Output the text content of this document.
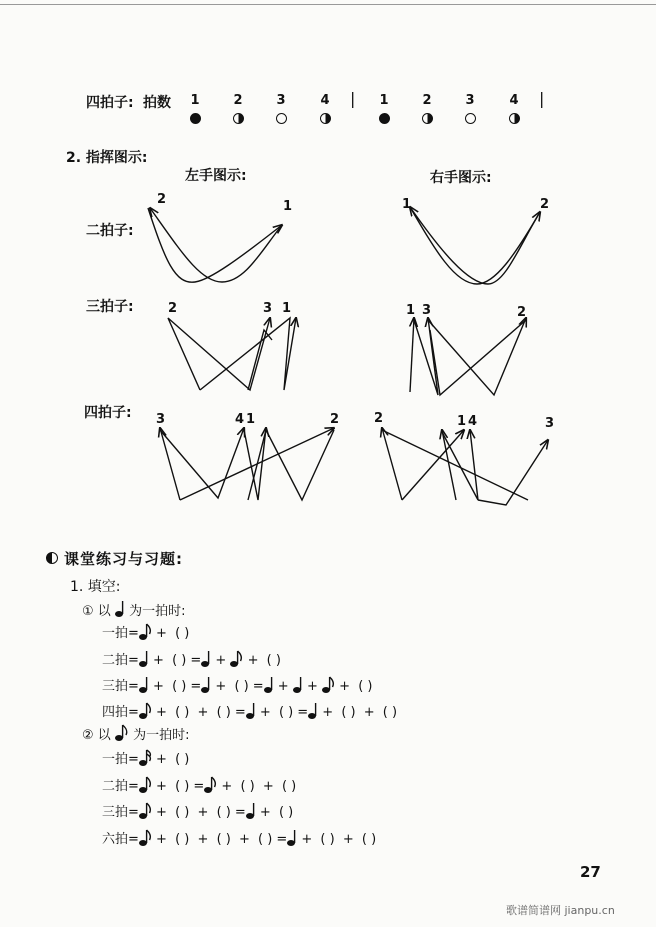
四拍子: 拍数 1	2	3	4 | 1	2	3	4 |
2. 指挥图示:
左手图示:	右手图示:
二拍子:
三拍子:
四拍子:
2	1	1	2
2	3 1	1 3	2
3	4 1	2	2	1 4	3
课堂练习与习题:
1. 填空:
① 以 为一拍时:
一拍= + ( )
二拍= + ( ) = + + ( )
三拍= + ( ) = + ( ) = + + + ( )
四拍= + ( ) + ( ) = + ( ) = + ( ) + ( )
一拍= + ( )
二拍= + ( ) = + ( ) + ( )
三拍= + ( ) + ( ) = + ( )
六拍= + ( ) + ( ) + ( ) = + ( ) + ( )
② 以 为一拍时:
27
歌谱简谱网 jianpu.cn
